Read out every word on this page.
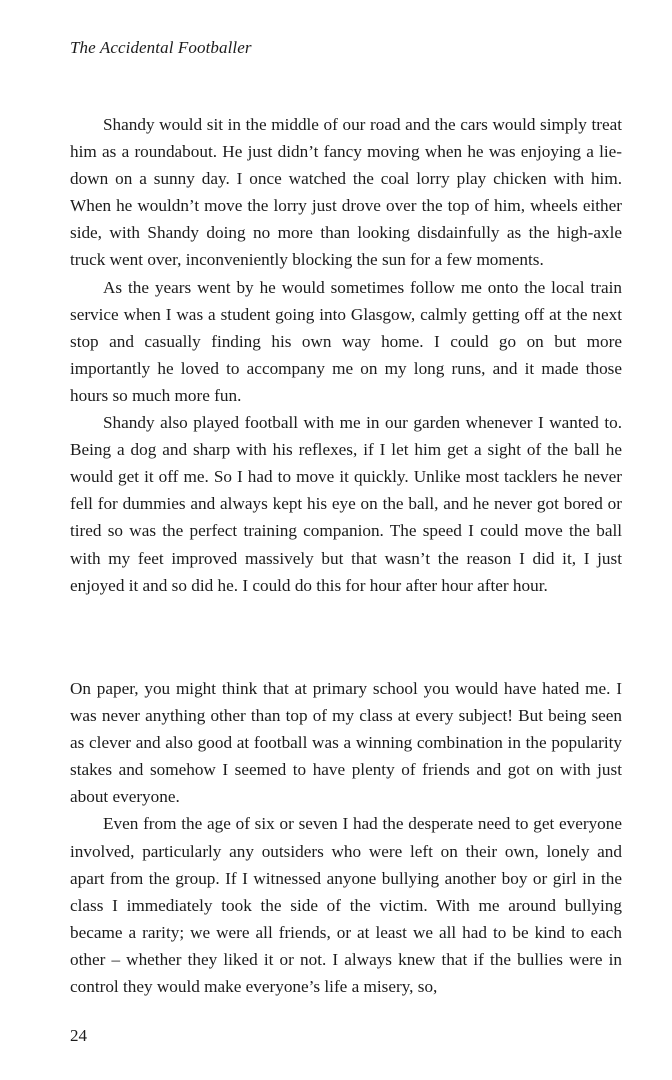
The Accidental Footballer

Shandy would sit in the middle of our road and the cars would simply treat him as a roundabout. He just didn’t fancy moving when he was enjoying a lie-down on a sunny day. I once watched the coal lorry play chicken with him. When he wouldn’t move the lorry just drove over the top of him, wheels either side, with Shandy doing no more than looking disdainfully as the high-axle truck went over, inconveniently blocking the sun for a few moments.

As the years went by he would sometimes follow me onto the local train service when I was a student going into Glasgow, calmly getting off at the next stop and casually finding his own way home. I could go on but more importantly he loved to accompany me on my long runs, and it made those hours so much more fun.

Shandy also played football with me in our garden whenever I wanted to. Being a dog and sharp with his reflexes, if I let him get a sight of the ball he would get it off me. So I had to move it quickly. Unlike most tacklers he never fell for dummies and always kept his eye on the ball, and he never got bored or tired so was the perfect training companion. The speed I could move the ball with my feet improved massively but that wasn’t the reason I did it, I just enjoyed it and so did he. I could do this for hour after hour after hour.

On paper, you might think that at primary school you would have hated me. I was never anything other than top of my class at every subject! But being seen as clever and also good at football was a winning combination in the popularity stakes and somehow I seemed to have plenty of friends and got on with just about everyone.

Even from the age of six or seven I had the desperate need to get everyone involved, particularly any outsiders who were left on their own, lonely and apart from the group. If I witnessed anyone bullying another boy or girl in the class I immediately took the side of the victim. With me around bullying became a rarity; we were all friends, or at least we all had to be kind to each other – whether they liked it or not. I always knew that if the bullies were in control they would make everyone’s life a misery, so,

24
